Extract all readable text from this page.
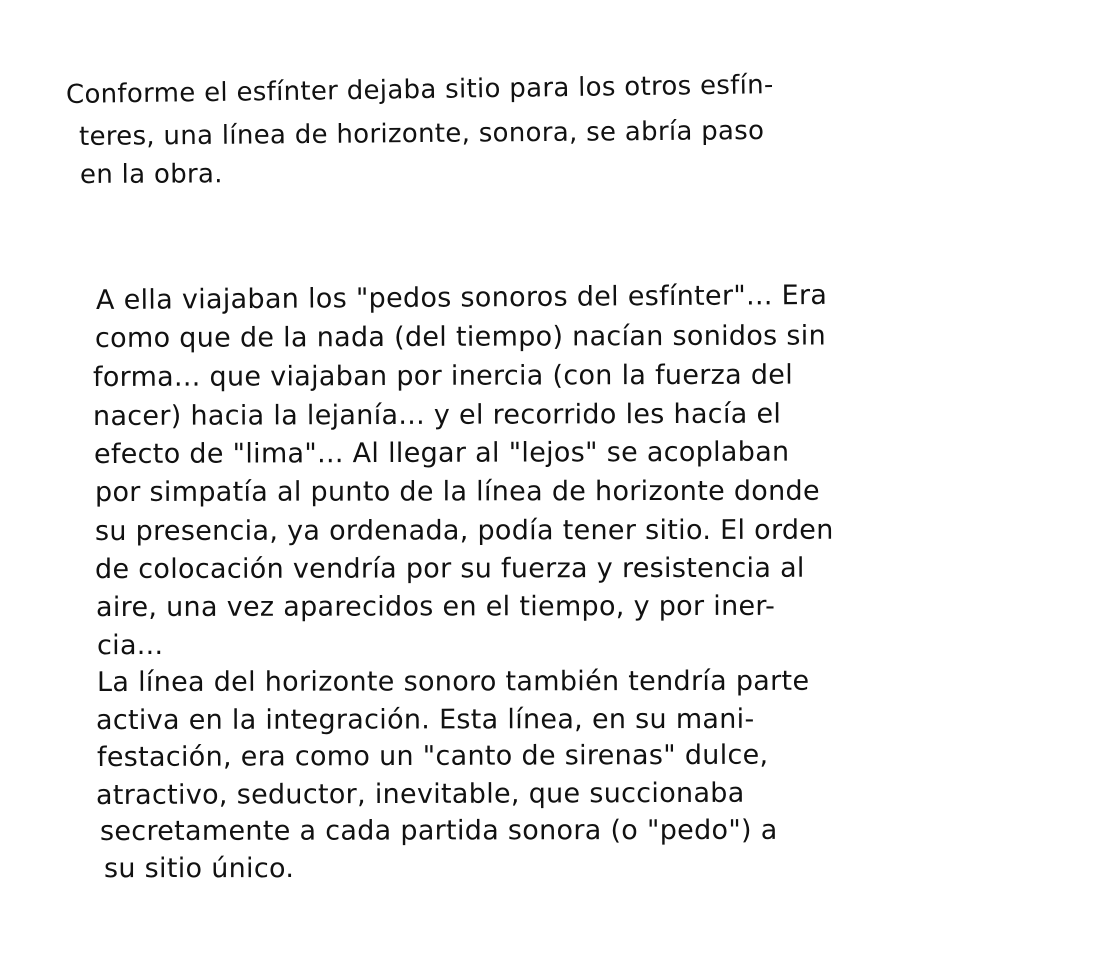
Conforme el esfínter dejaba sitio para los otros esfín-
teres, una línea de horizonte, sonora, se abría paso
en la obra.
A ella viajaban los "pedos sonoros del esfínter"... Era
como que de la nada (del tiempo) nacían sonidos sin
forma... que viajaban por inercia (con la fuerza del
nacer) hacia la lejanía... y el recorrido les hacía el
efecto de "lima"... Al llegar al "lejos" se acoplaban
por simpatía al punto de la línea de horizonte donde
su presencia, ya ordenada, podía tener sitio. El orden
de colocación vendría por su fuerza y resistencia al
aire, una vez aparecidos en el tiempo, y por iner-
cia...
La línea del horizonte sonoro también tendría parte
activa en la integración. Esta línea, en su mani-
festación, era como un "canto de sirenas" dulce,
atractivo, seductor, inevitable, que succionaba
secretamente a cada partida sonora (o "pedo") a
su sitio único.
